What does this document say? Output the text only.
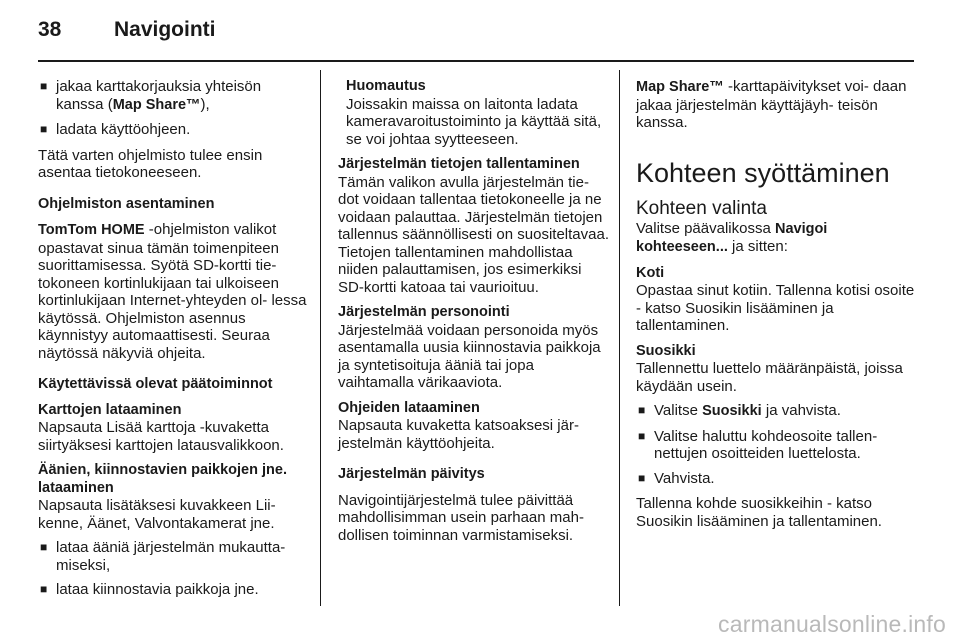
38	Navigointi
■ jakaa karttakorjauksia yhteisön kanssa (Map Share™),
■ ladata käyttöohjeen.

Tätä varten ohjelmisto tulee ensin asentaa tietokoneeseen.

Ohjelmiston asentaminen

TomTom HOME -ohjelmiston valikot opastavat sinua tämän toimenpiteen suorittamisessa. Syötä SD-kortti tie- tokoneen kortinlukijaan tai ulkoiseen kortinlukijaan Internet-yhteyden ol- lessa käytössä. Ohjelmiston asennus käynnistyy automaattisesti. Seuraa näytössä näkyviä ohjeita.

Käytettävissä olevat päätoiminnot

Karttojen lataaminen

Napsauta Lisää karttoja -kuvaketta siirtyäksesi karttojen latausvalikkoon.

Äänien, kiinnostavien paikkojen jne. lataaminen

Napsauta lisätäksesi kuvakkeen Lii- kenne, Äänet, Valvontakamerat jne.

■ lataa ääniä järjestelmän mukautta- miseksi,
■ lataa kiinnostavia paikkoja jne.

Huomautus

Joissakin maissa on laitonta ladata kameravaroitustoiminto ja käyttää sitä, se voi johtaa syytteeseen.

Järjestelmän tietojen tallentaminen

Tämän valikon avulla järjestelmän tie- dot voidaan tallentaa tietokoneelle ja ne voidaan palauttaa. Järjestelmän tietojen tallennus säännöllisesti on suositeltavaa. Tietojen tallentaminen mahdollistaa niiden palauttamisen, jos esimerkiksi SD-kortti katoaa tai vaurioituu.

Järjestelmän personointi

Järjestelmää voidaan personoida myös asentamalla uusia kiinnostavia paikkoja ja syntetisoituja ääniä tai jopa vaihtamalla värikaaviota.

Ohjeiden lataaminen

Napsauta kuvaketta katsoaksesi jär- jestelmän käyttöohjeita.

Järjestelmän päivitys

Navigointijärjestelmä tulee päivittää mahdollisimman usein parhaan mah- dollisen toiminnan varmistamiseksi.

Map Share™ -karttapäivitykset voi- daan jakaa järjestelmän käyttäjäyh- teisön kanssa.

Kohteen syöttäminen

Kohteen valinta

Valitse päävalikossa Navigoi kohteeseen... ja sitten:

Koti

Opastaa sinut kotiin. Tallenna kotisi osoite - katso Suosikin lisääminen ja tallentaminen.

Suosikki

Tallennettu luettelo määränpäistä, joissa käydään usein.

■ Valitse Suosikki ja vahvista.
■ Valitse haluttu kohdeosoite tallen- nettujen osoitteiden luettelosta.
■ Vahvista.

Tallenna kohde suosikkeihin - katso Suosikin lisääminen ja tallentaminen.

carmanualsonline.info
